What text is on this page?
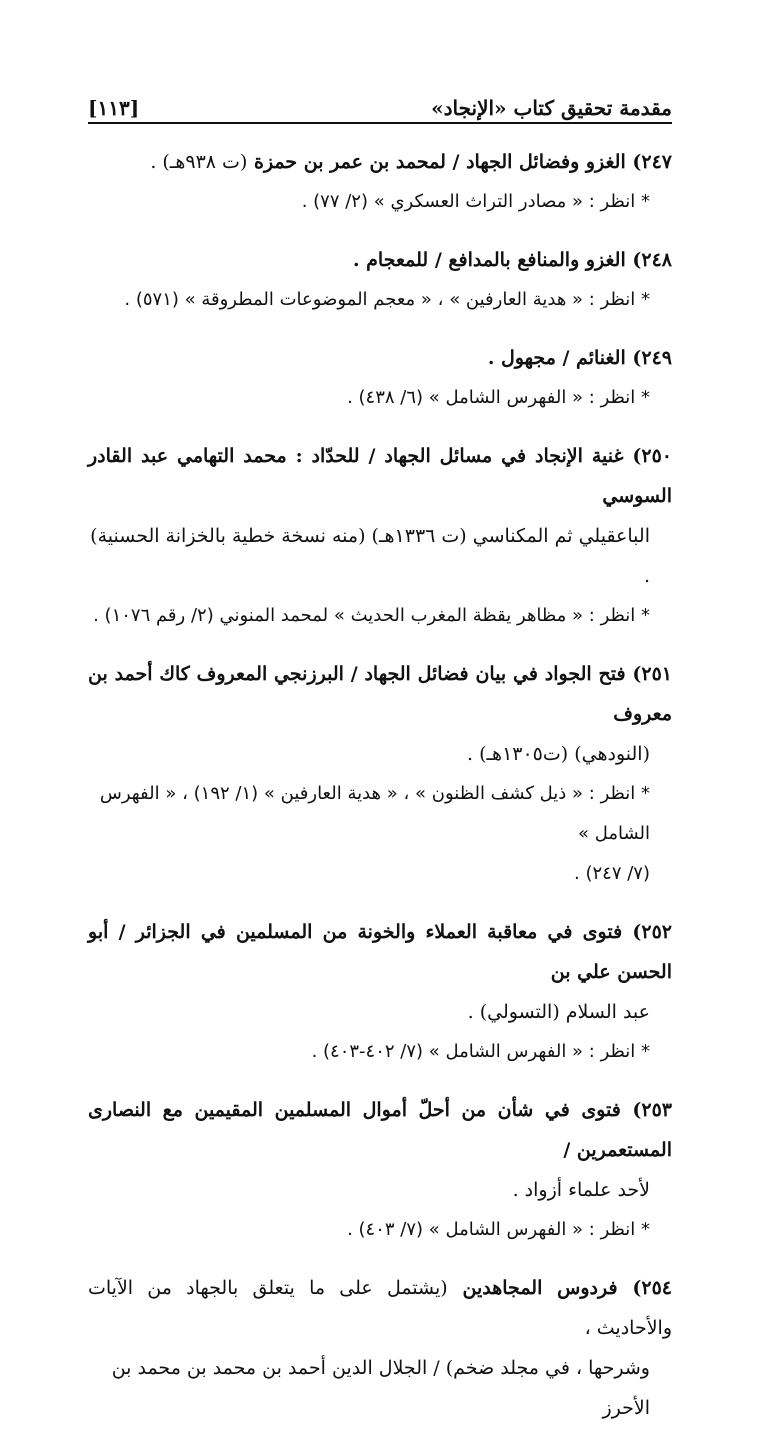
مقدمة تحقيق كتاب «الإنجاد»
[١١٣]

٢٤٧) الغزو وفضائل الجهاد / لمحمد بن عمر بن حمزة (ت ٩٣٨هـ) .

* انظر : « مصادر التراث العسكري » (٢/ ٧٧) .

٢٤٨) الغزو والمنافع بالمدافع / للمعجام .

* انظر : « هدية العارفين » ، « معجم الموضوعات المطروقة » (٥٧١) .

٢٤٩) الغنائم / مجهول .

* انظر : « الفهرس الشامل » (٦/ ٤٣٨) .

٢٥٠) غنية الإنجاد في مسائل الجهاد / للحدّاد : محمد التهامي عبد القادر السوسي

الباعقيلي ثم المكناسي (ت ١٣٣٦هـ) (منه نسخة خطية بالخزانة الحسنية) .

* انظر : « مظاهر يقظة المغرب الحديث » لمحمد المنوني (٢/ رقم ١٠٧٦) .

٢٥١) فتح الجواد في بيان فضائل الجهاد / البرزنجي المعروف كاك أحمد بن معروف

(النودهي) (ت١٣٠٥هـ) .

* انظر : « ذيل كشف الظنون » ، « هدية العارفين » (١/ ١٩٢) ، « الفهرس الشامل »

(٧/ ٢٤٧) .

٢٥٢) فتوى في معاقبة العملاء والخونة من المسلمين في الجزائر / أبو الحسن علي بن

عبد السلام (التسولي) .

* انظر : « الفهرس الشامل » (٧/ ٤٠٢-٤٠٣) .

٢٥٣) فتوى في شأن من أحلّ أموال المسلمين المقيمين مع النصارى المستعمرين /

لأحد علماء أزواد .

* انظر : « الفهرس الشامل » (٧/ ٤٠٣) .

٢٥٤) فردوس المجاهدين (يشتمل على ما يتعلق بالجهاد من الآيات والأحاديث ،

وشرحها ، في مجلد ضخم) / الجلال الدين أحمد بن محمد بن محمد بن الأحرز
